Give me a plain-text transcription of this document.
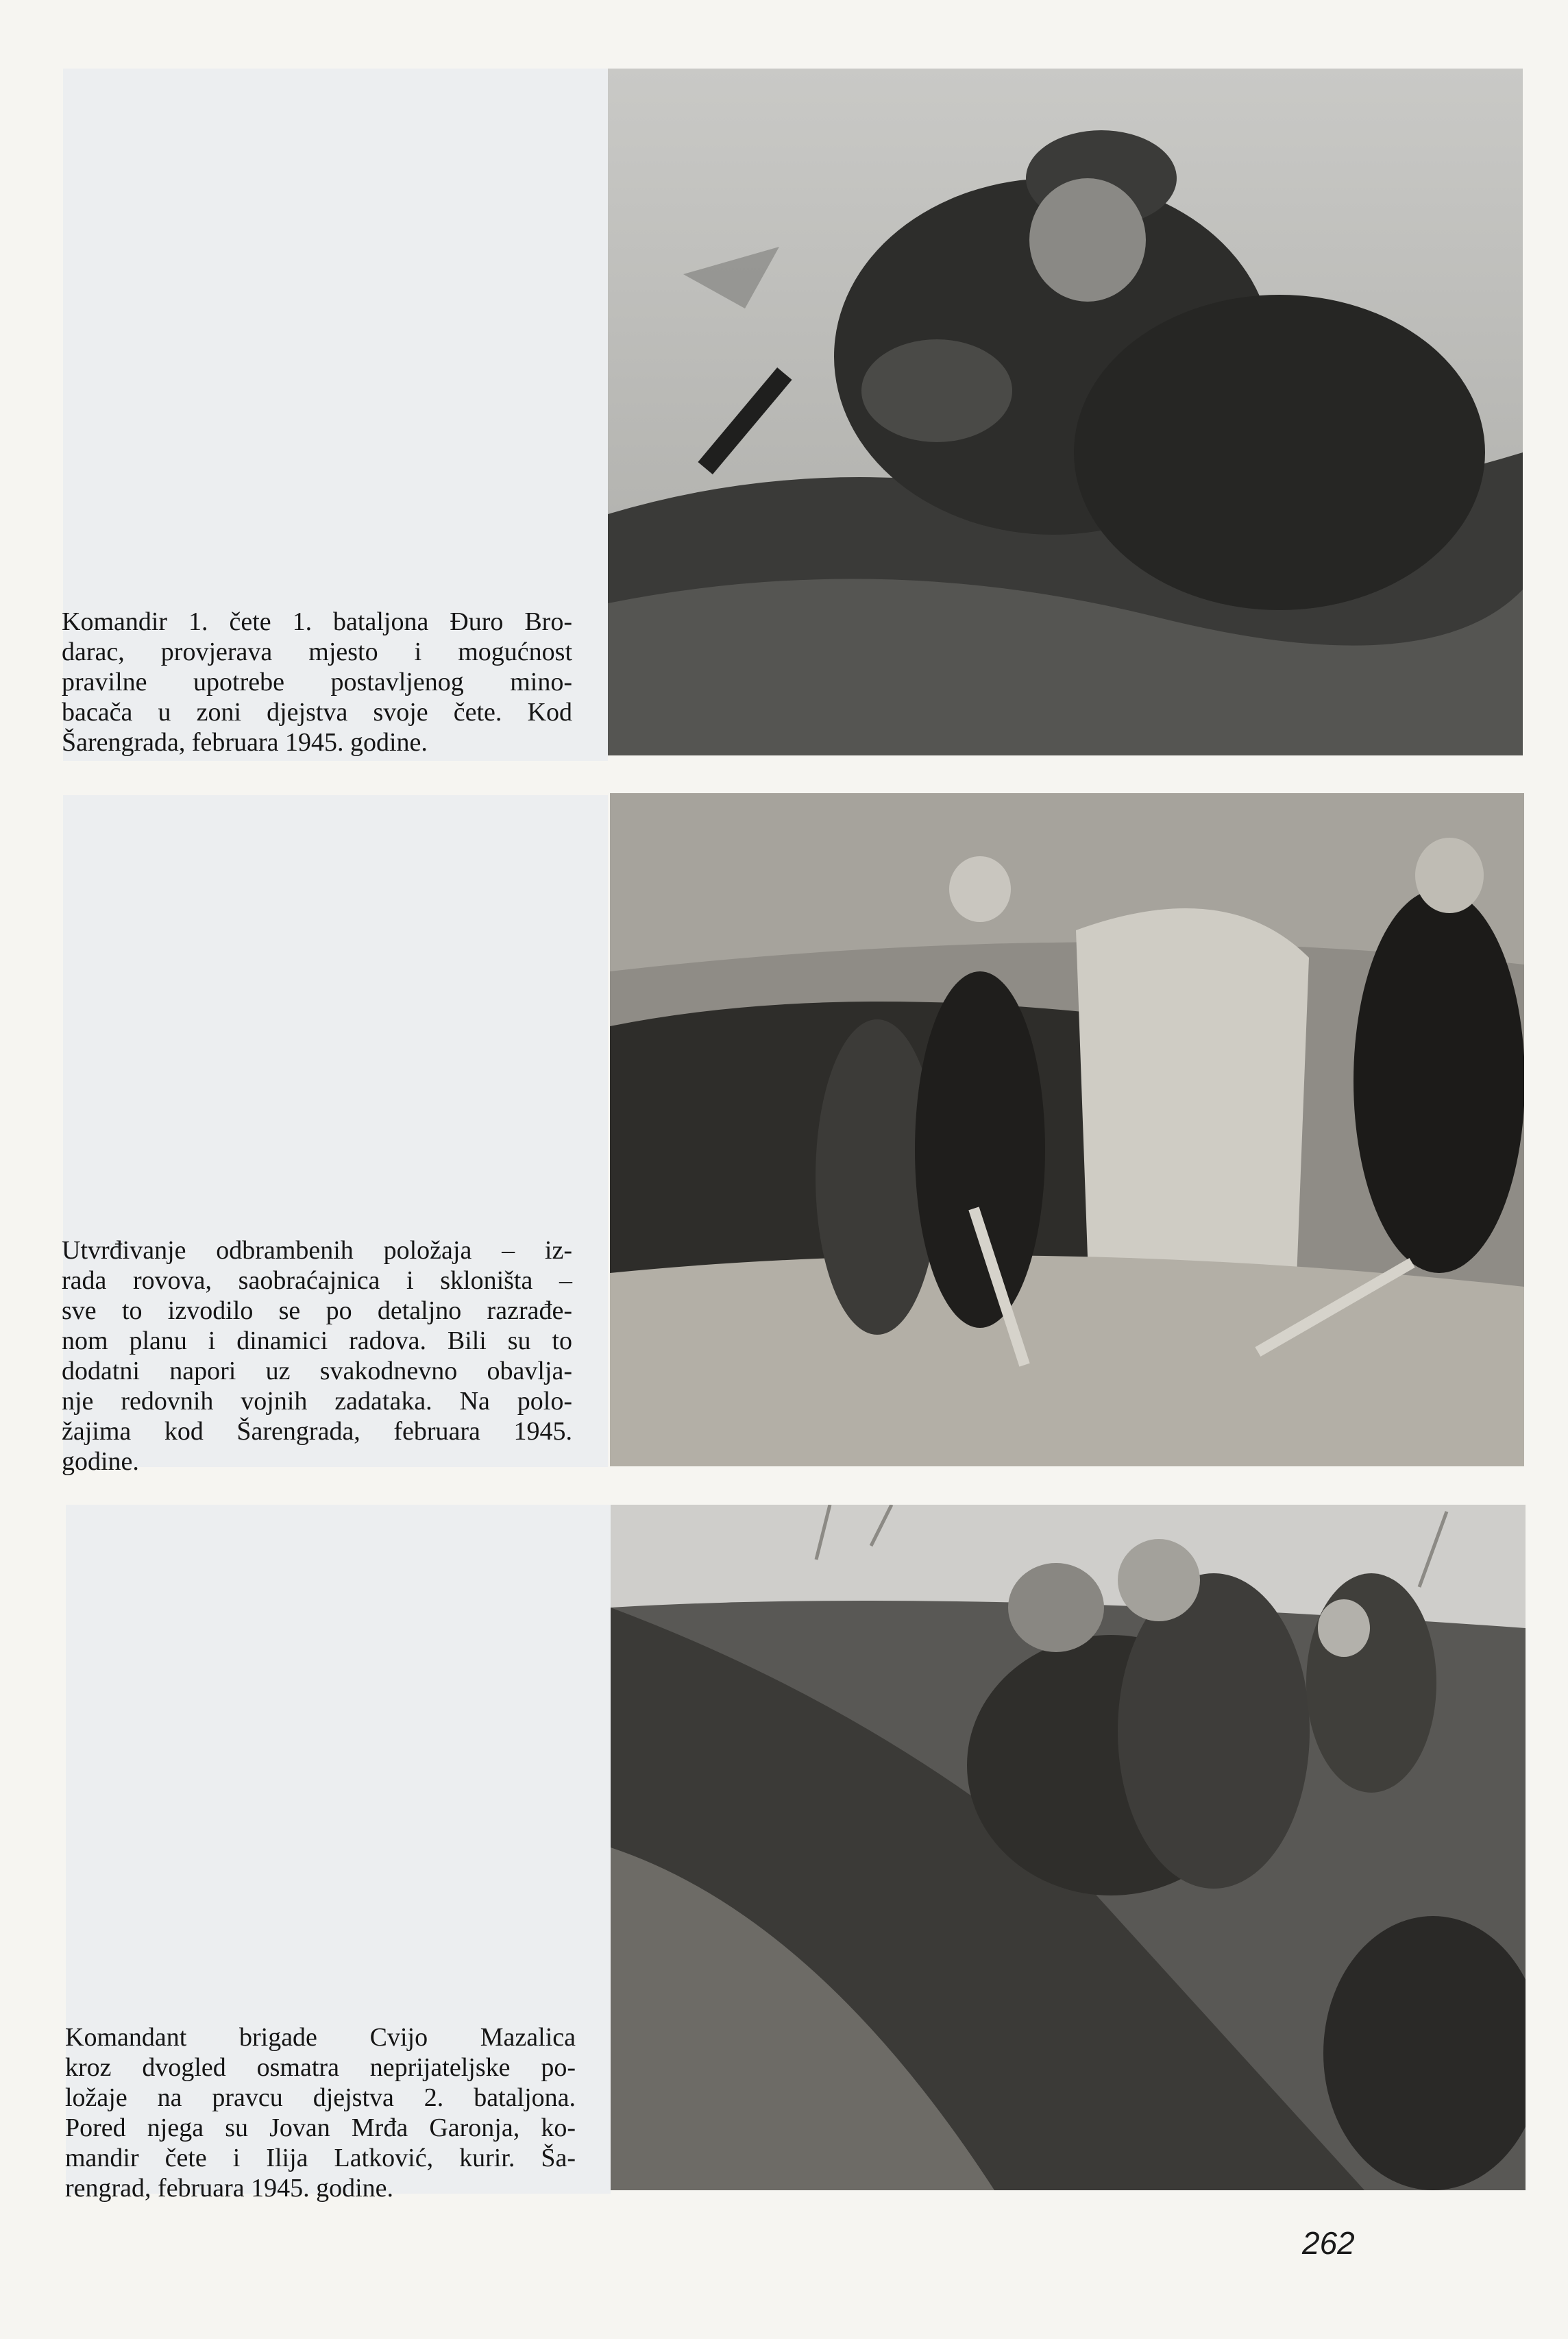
Komandir 1. čete 1. bataljona Đuro Bro-
darac, provjerava mjesto i mogućnost
pravilne upotrebe postavljenog mino-
bacača u zoni djejstva svoje čete. Kod
Šarengrada, februara 1945. godine.

Utvrđivanje odbrambenih položaja – iz-
rada rovova, saobraćajnica i skloništa –
sve to izvodilo se po detaljno razrađe-
nom planu i dinamici radova. Bili su to
dodatni napori uz svakodnevno obavlja-
nje redovnih vojnih zadataka. Na polo-
žajima kod Šarengrada, februara 1945.
godine.

Komandant brigade Cvijo Mazalica
kroz dvogled osmatra neprijateljske po-
ložaje na pravcu djejstva 2. bataljona.
Pored njega su Jovan Mrđa Garonja, ko-
mandir čete i Ilija Latković, kurir. Ša-
rengrad, februara 1945. godine.

262
